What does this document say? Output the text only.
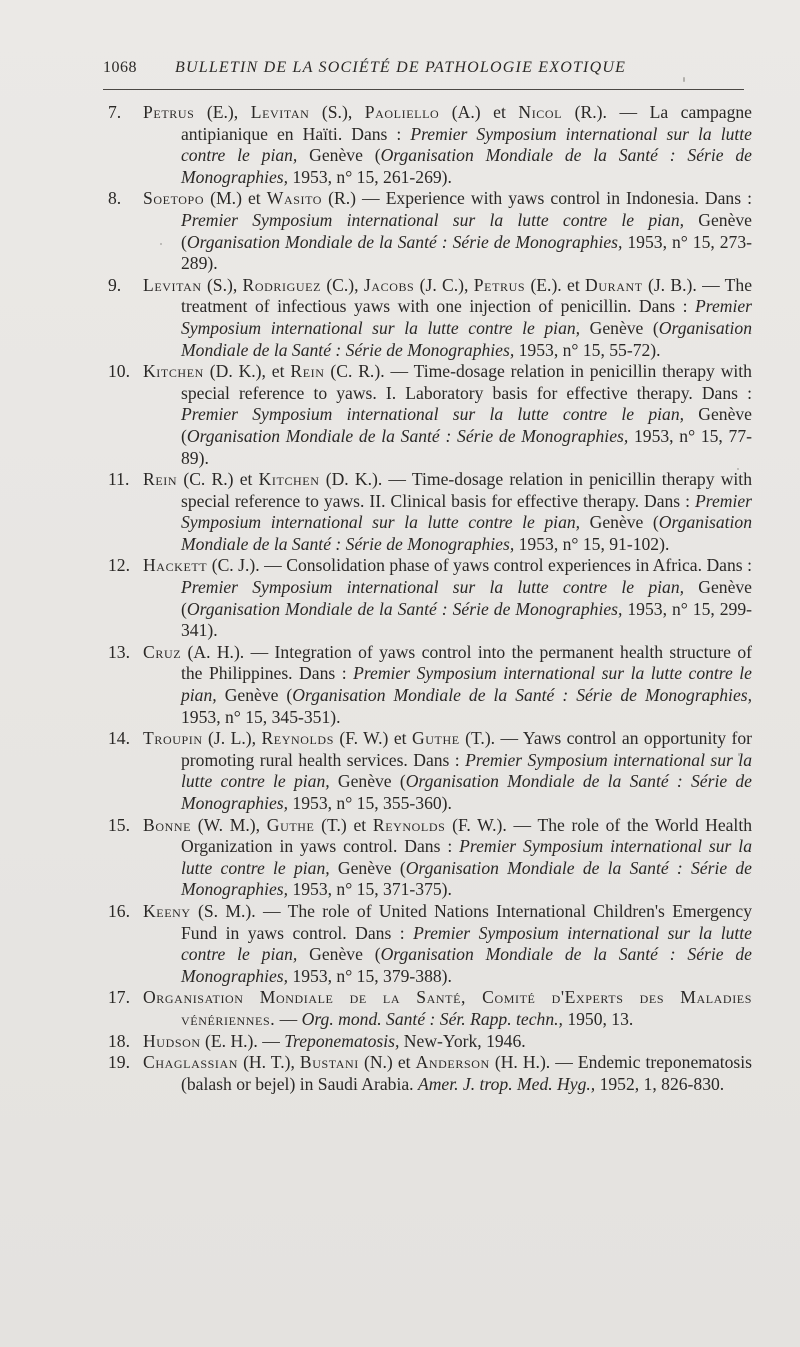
1068 BULLETIN DE LA SOCIÉTÉ DE PATHOLOGIE EXOTIQUE
7. Petrus (E.), Levitan (S.), Paoliello (A.) et Nicol (R.). — La campagne antipianique en Haïti. Dans : Premier Symposium international sur la lutte contre le pian, Genève (Organisation Mondiale de la Santé : Série de Monographies, 1953, n° 15, 261-269).
8. Soetopo (M.) et Wasito (R.) — Experience with yaws control in Indonesia. Dans : Premier Symposium international sur la lutte contre le pian, Genève (Organisation Mondiale de la Santé : Série de Monographies, 1953, n° 15, 273-289).
9. Levitan (S.), Rodriguez (C.), Jacobs (J. C.), Petrus (E.). et Durant (J. B.). — The treatment of infectious yaws with one injection of penicillin. Dans : Premier Symposium international sur la lutte contre le pian, Genève (Organisation Mondiale de la Santé : Série de Monographies, 1953, n° 15, 55-72).
10. Kitchen (D. K.), et Rein (C. R.). — Time-dosage relation in penicillin therapy with special reference to yaws. I. Laboratory basis for effective therapy. Dans : Premier Symposium international sur la lutte contre le pian, Genève (Organisation Mondiale de la Santé : Série de Monographies, 1953, n° 15, 77-89).
11. Rein (C. R.) et Kitchen (D. K.). — Time-dosage relation in penicillin therapy with special reference to yaws. II. Clinical basis for effective therapy. Dans : Premier Symposium international sur la lutte contre le pian, Genève (Organisation Mondiale de la Santé : Série de Monographies, 1953, n° 15, 91-102).
12. Hackett (C. J.). — Consolidation phase of yaws control experiences in Africa. Dans : Premier Symposium international sur la lutte contre le pian, Genève (Organisation Mondiale de la Santé : Série de Monographies, 1953, n° 15, 299-341).
13. Cruz (A. H.). — Integration of yaws control into the permanent health structure of the Philippines. Dans : Premier Symposium international sur la lutte contre le pian, Genève (Organisation Mondiale de la Santé : Série de Monographies, 1953, n° 15, 345-351).
14. Troupin (J. L.), Reynolds (F. W.) et Guthe (T.). — Yaws control an opportunity for promoting rural health services. Dans : Premier Symposium international sur la lutte contre le pian, Genève (Organisation Mondiale de la Santé : Série de Monographies, 1953, n° 15, 355-360).
15. Bonne (W. M.), Guthe (T.) et Reynolds (F. W.). — The role of the World Health Organization in yaws control. Dans : Premier Symposium international sur la lutte contre le pian, Genève (Organisation Mondiale de la Santé : Série de Monographies, 1953, n° 15, 371-375).
16. Keeny (S. M.). — The role of United Nations International Children's Emergency Fund in yaws control. Dans : Premier Symposium international sur la lutte contre le pian, Genève (Organisation Mondiale de la Santé : Série de Monographies, 1953, n° 15, 379-388).
17. Organisation Mondiale de la Santé, Comité d'Experts des Maladies vénériennes. — Org. mond. Santé : Sér. Rapp. techn., 1950, 13.
18. Hudson (E. H.). — Treponematosis, New-York, 1946.
19. Chaglassian (H. T.), Bustani (N.) et Anderson (H. H.). — Endemic treponematosis (balash or bejel) in Saudi Arabia. Amer. J. trop. Med. Hyg., 1952, 1, 826-830.
